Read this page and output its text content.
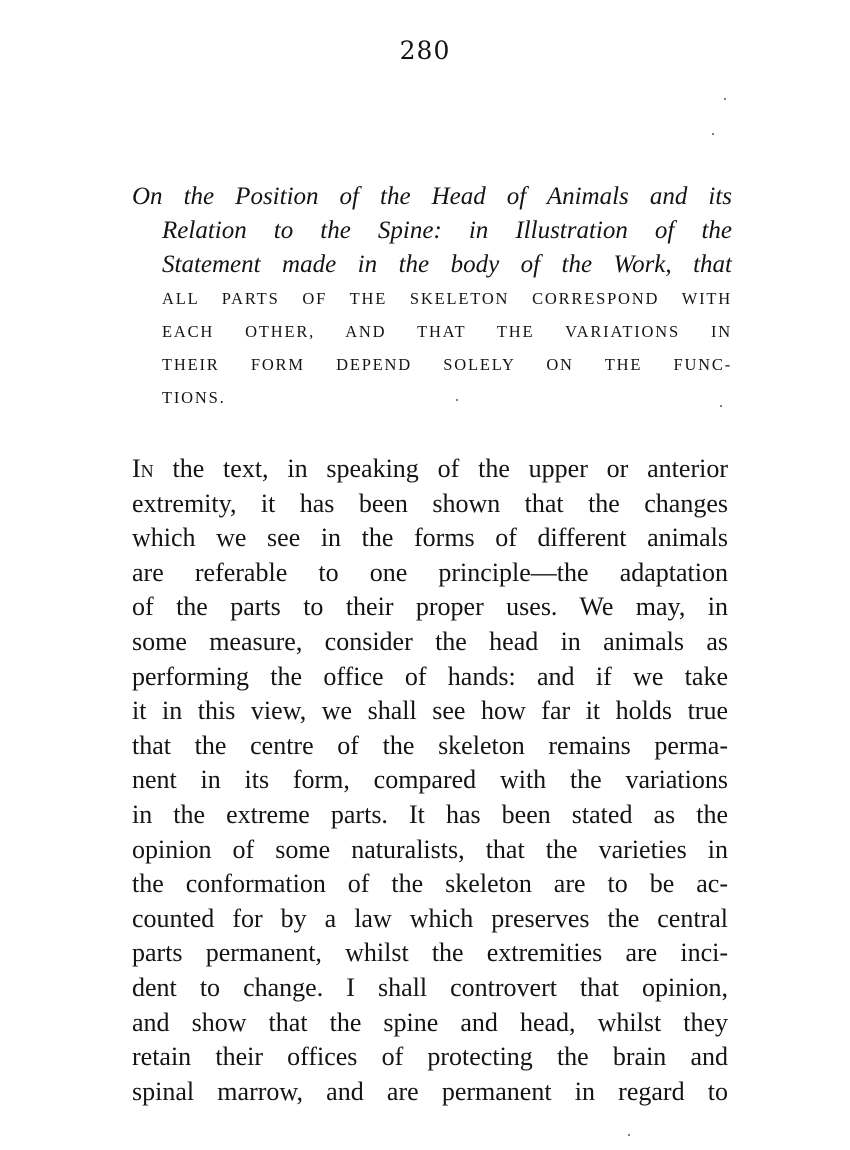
280

On the Position of the Head of Animals and its

Relation to the Spine: in Illustration of the

Statement made in the body of the Work, that

ALL PARTS OF THE SKELETON CORRESPOND WITH

EACH OTHER, AND THAT THE VARIATIONS IN

THEIR FORM DEPEND SOLELY ON THE FUNC-

TIONS.

In the text, in speaking of the upper or anterior

extremity, it has been shown that the changes

which we see in the forms of different animals

are referable to one principle—the adaptation

of the parts to their proper uses. We may, in

some measure, consider the head in animals as

performing the office of hands: and if we take

it in this view, we shall see how far it holds true

that the centre of the skeleton remains perma-

nent in its form, compared with the variations

in the extreme parts. It has been stated as the

opinion of some naturalists, that the varieties in

the conformation of the skeleton are to be ac-

counted for by a law which preserves the central

parts permanent, whilst the extremities are inci-

dent to change. I shall controvert that opinion,

and show that the spine and head, whilst they

retain their offices of protecting the brain and

spinal marrow, and are permanent in regard to
